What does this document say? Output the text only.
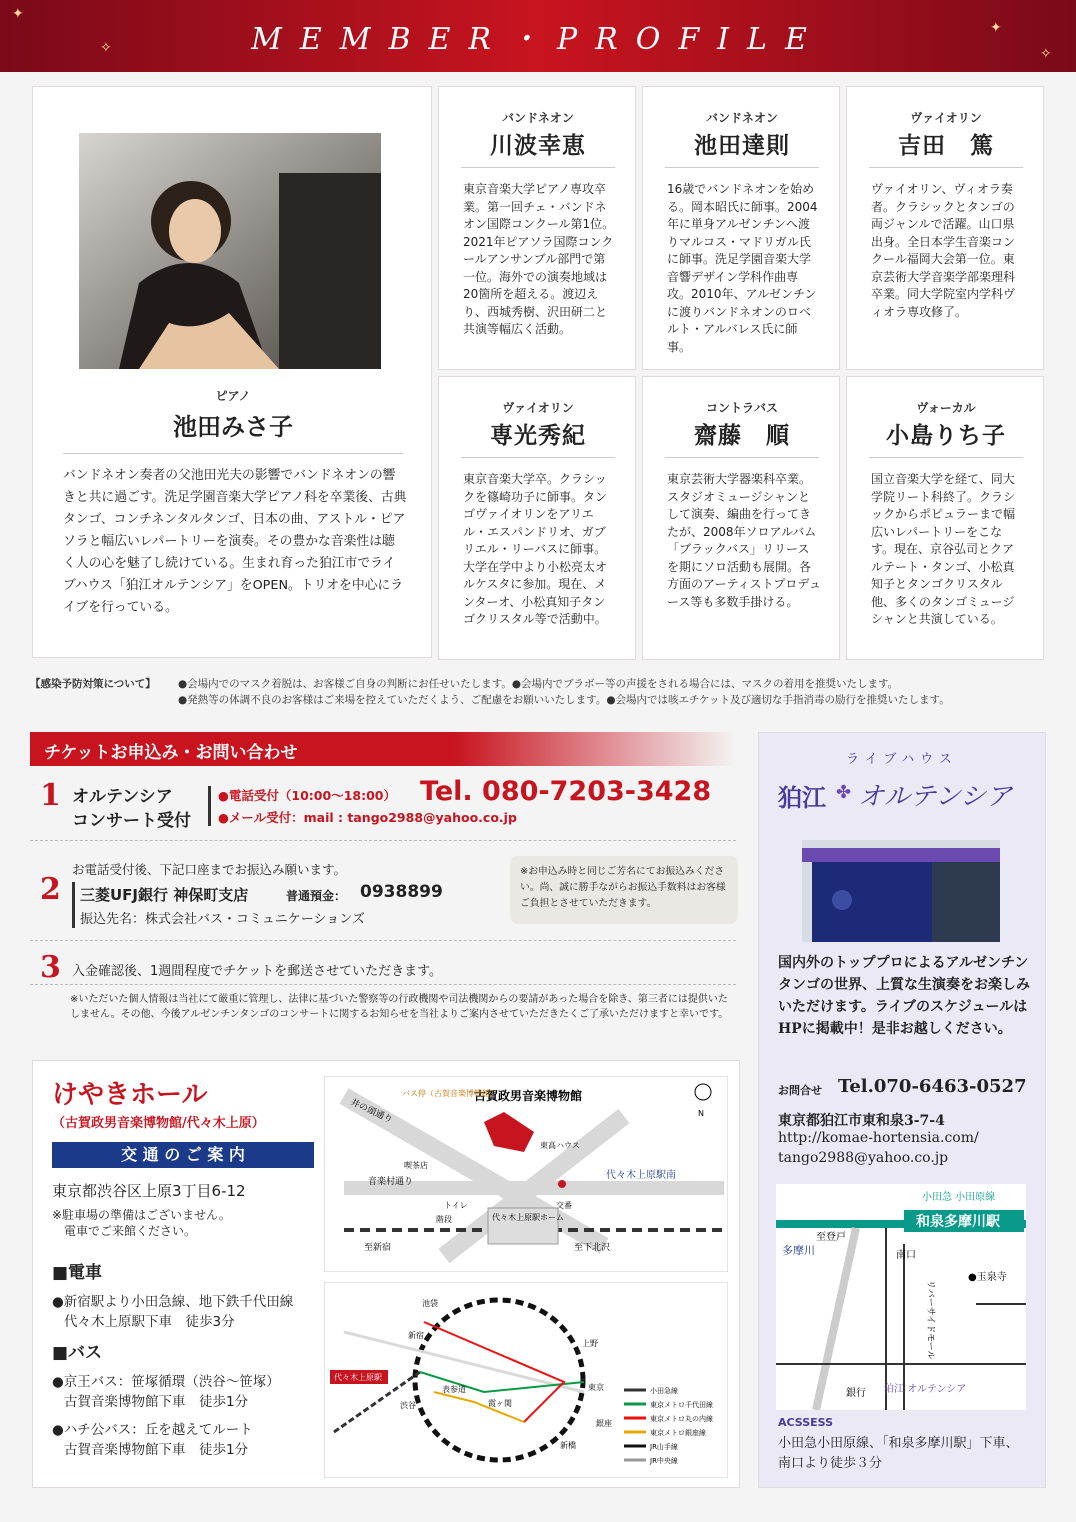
✦
✧
✦
✧
MEMBER・PROFILE
ピアノ
池田みさ子
バンドネオン奏者の父池田光夫の影響でバンドネオンの響きと共に過ごす。洗足学園音楽大学ピアノ科を卒業後、古典タンゴ、コンチネンタルタンゴ、日本の曲、アストル・ピアソラと幅広いレパートリーを演奏。その豊かな音楽性は聴く人の心を魅了し続けている。生まれ育った狛江市でライブハウス「狛江オルテンシア」をOPEN。トリオを中心にライブを行っている。
バンドネオン
川波幸恵
東京音楽大学ピアノ専攻卒業。第一回チェ・バンドネオン国際コンクール第1位。2021年ピアソラ国際コンクールアンサンブル部門で第一位。海外での演奏地域は20箇所を超える。渡辺えり、西城秀樹、沢田研二と共演等幅広く活動。
バンドネオン
池田達則
16歳でバンドネオンを始める。岡本昭氏に師事。2004年に単身アルゼンチンへ渡りマルコス・マドリガル氏に師事。洗足学園音楽大学音響デザイン学科作曲専攻。2010年、アルゼンチンに渡りバンドネオンのロベルト・アルバレス氏に師事。
ヴァイオリン
吉田　篤
ヴァイオリン、ヴィオラ奏者。クラシックとタンゴの両ジャンルで活躍。山口県出身。全日本学生音楽コンクール福岡大会第一位。東京芸術大学音楽学部楽理科卒業。同大学院室内学科ヴィオラ専攻修了。
ヴァイオリン
専光秀紀
東京音楽大学卒。クラシックを篠崎功子に師事。タンゴヴァイオリンをアリエル・エスパンドリオ、ガブリエル・リーバスに師事。大学在学中より小松亮太オルケスタに参加。現在、メンターオ、小松真知子タンゴクリスタル等で活動中。
コントラバス
齋藤　順
東京芸術大学器楽科卒業。スタジオミュージシャンとして演奏、編曲を行ってきたが、2008年ソロアルバム「ブラックバス」リリースを期にソロ活動も展開。各方面のアーティストプロデュース等も多数手掛ける。
ヴォーカル
小島りち子
国立音楽大学を経て、同大学院リート科終了。クラシックからポピュラーまで幅広いレパートリーをこなす。現在、京谷弘司とクアルテート・タンゴ、小松真知子とタンゴクリスタル他、多くのタンゴミュージシャンと共演している。
【感染予防対策について】 ●会場内でのマスク着脱は、お客様ご自身の判断にお任せいたします。●会場内でブラボー等の声援をされる場合には、マスクの着用を推奨いたします。
●発熱等の体調不良のお客様はご来場を控えていただくよう、ご配慮をお願いいたします。●会場内では咳エチケット及び適切な手指消毒の励行を推奨いたします。
チケットお申込み・お問い合わせ
1 オルテンシア
コンサート受付
●電話受付（10:00〜18:00） Tel. 080-7203-3428
●メール受付：mail : tango2988@yahoo.co.jp
2
お電話受付後、下記口座までお振込み願います。
三菱UFJ銀行 神保町支店	普通預金： 0938899
振込先名：株式会社バス・コミュニケーションズ
※お申込み時と同じご芳名にてお振込みください。尚、誠に勝手ながらお振込手数料はお客様ご負担とさせていただきます。
3 入金確認後、1週間程度でチケットを郵送させていただきます。
※いただいた個人情報は当社にて厳重に管理し、法律に基づいた警察等の行政機関や司法機関からの要請があった場合を除き、第三者には提供いたしません。その他、今後アルゼンチンタンゴのコンサートに関するお知らせを当社よりご案内させていただきたくご了承いただけますと幸いです。
けやきホール
（古賀政男音楽博物館/代々木上原）
交 通 の ご 案 内
東京都渋谷区上原3丁目6-12
※駐車場の準備はございません。
電車でご来館ください。
■電車
●新宿駅より小田急線、地下鉄千代田線
代々木上原駅下車　徒歩3分
■バス
●京王バス：笹塚循環（渋谷〜笹塚）
古賀音楽博物館下車　徒歩1分
●ハチ公バス：丘を越えてルート
古賀音楽博物館下車　徒歩1分
古賀政男音楽博物館
井の頭通り
音楽村通り
バス停（古賀音楽博物館）
代々木上原駅南
代々木上原駅ホーム
至新宿	至下北沢
交番
東高ハウス
トイレ
階段
喫茶店
N
代々木上原駅
池袋
新宿
渋谷
上野
東京
銀座
新橋
表参道
霞ヶ関
小田急線
東京メトロ千代田線
東京メトロ丸の内線
東京メトロ銀座線
JR山手線
JR中央線
ライブハウス
狛江 ✤ オルテンシア
国内外のトッププロによるアルゼンチンタンゴの世界、上質な生演奏をお楽しみいただけます。ライブのスケジュールはHPに掲載中！是非お越しください。
お問合せ Tel.070-6463-0527
東京都狛江市東和泉3-7-4
http://komae-hortensia.com/
tango2988@yahoo.co.jp
小田急 小田原線
和泉多摩川駅
至登戸
多摩川	南口
リバーサイドモール
●玉泉寺
銀行 狛江 オルテンシア
ACSSESS
小田急小田原線、「和泉多摩川駅」下車、
南口より徒歩３分
